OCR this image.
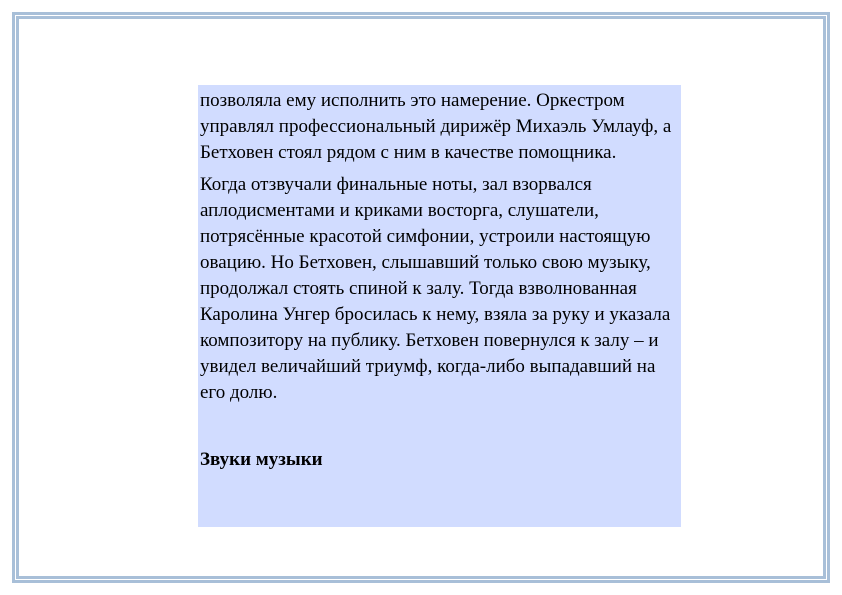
позволяла ему исполнить это намерение. Оркестром управлял профессиональный дирижёр Михаэль Умлауф, а Бетховен стоял рядом с ним в качестве помощника.

Когда отзвучали финальные ноты, зал взорвался аплодисментами и криками восторга, слушатели, потрясённые красотой симфонии, устроили настоящую овацию. Но Бетховен, слышавший только свою музыку, продолжал стоять спиной к залу. Тогда взволнованная Каролина Унгер бросилась к нему, взяла за руку и указала композитору на публику. Бетховен повернулся к залу – и увидел величайший триумф, когда-либо выпадавший на его долю.

Звуки музыки
